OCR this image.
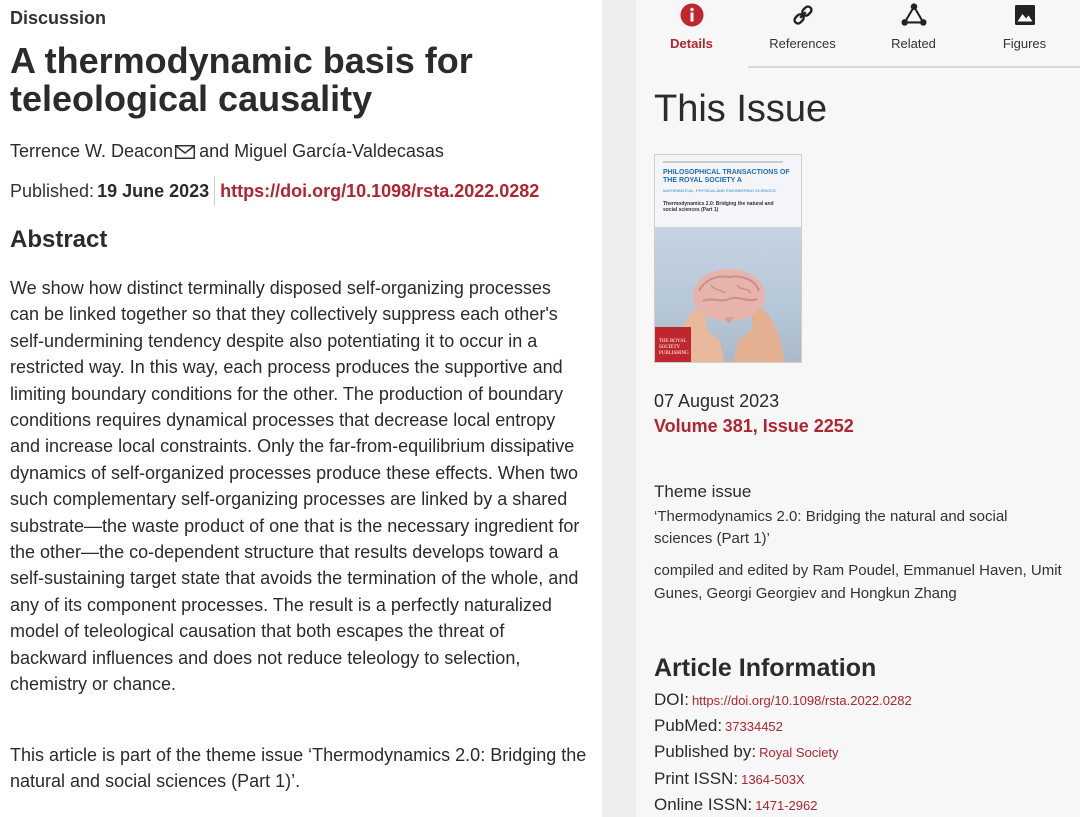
Discussion
A thermodynamic basis for teleological causality
Terrence W. Deacon and Miguel García-Valdecasas
Published: 19 June 2023 https://doi.org/10.1098/rsta.2022.0282
Abstract

We show how distinct terminally disposed self-organizing processes can be linked together so that they collectively suppress each other's self-undermining tendency despite also potentiating it to occur in a restricted way. In this way, each process produces the supportive and limiting boundary conditions for the other. The production of boundary conditions requires dynamical processes that decrease local entropy and increase local constraints. Only the far-from-equilibrium dissipative dynamics of self-organized processes produce these effects. When two such complementary self-organizing processes are linked by a shared substrate—the waste product of one that is the necessary ingredient for the other—the co-dependent structure that results develops toward a self-sustaining target state that avoids the termination of the whole, and any of its component processes. The result is a perfectly naturalized model of teleological causation that both escapes the threat of backward influences and does not reduce teleology to selection, chemistry or chance.

This article is part of the theme issue ‘Thermodynamics 2.0: Bridging the natural and social sciences (Part 1)’.

Details	References	Related	Figures
This Issue
PHILOSOPHICAL TRANSACTIONS OF THE ROYAL SOCIETY A
MATHEMATICAL, PHYSICAL AND ENGINEERING SCIENCES
Thermodynamics 2.0: Bridging the natural and social sciences (Part 1)
THE ROYAL SOCIETY PUBLISHING
07 August 2023
Volume 381, Issue 2252
Theme issue
‘Thermodynamics 2.0: Bridging the natural and social sciences (Part 1)’
compiled and edited by Ram Poudel, Emmanuel Haven, Umit Gunes, Georgi Georgiev and Hongkun Zhang
Article Information
DOI: https://doi.org/10.1098/rsta.2022.0282
PubMed: 37334452
Published by: Royal Society
Print ISSN: 1364-503X
Online ISSN: 1471-2962
